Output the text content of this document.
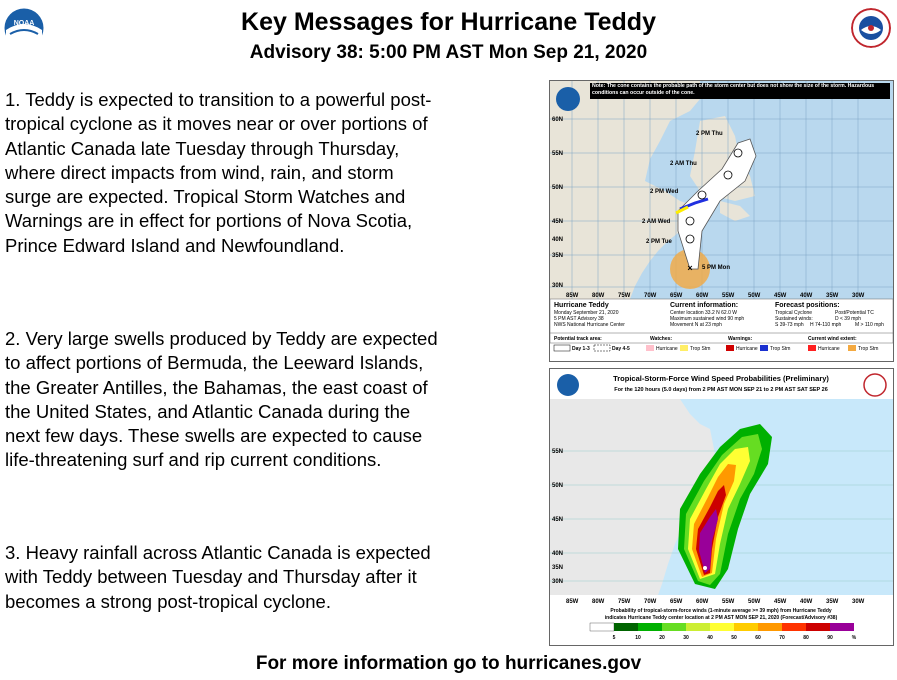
NOAA	Key Messages for Hurricane Teddy
Advisory 38: 5:00 PM AST Mon Sep 21, 2020
1. Teddy is expected to transition to a powerful post-tropical cyclone as it moves near or over portions of Atlantic Canada late Tuesday through Thursday, where direct impacts from wind, rain, and storm surge are expected. Tropical Storm Watches and Warnings are in effect for portions of Nova Scotia, Prince Edward Island and Newfoundland.
2. Very large swells produced by Teddy are expected to affect portions of Bermuda, the Leeward Islands, the Greater Antilles, the Bahamas, the east coast of the United States, and Atlantic Canada during the next few days. These swells are expected to cause life-threatening surf and rip current conditions.
3. Heavy rainfall across Atlantic Canada is expected with Teddy between Tuesday and Thursday after it becomes a strong post-tropical cyclone.
For more information go to hurricanes.gov
Note: The cone contains the probable path of the storm center but does not show the size of the storm. Hazardous conditions can occur outside of the cone.
×
2 PM Thu
2 AM Thu
2 PM Wed
2 AM Wed
2 PM Tue
5 PM Mon
60N
55N
50N
45N
40N
35N
30N
85W 80W 75W 70W 65W 60W 55W 50W 45W 40W 35W 30W
Hurricane Teddy
Monday September 21, 2020
5 PM AST Advisory 38
NWS National Hurricane Center
Current information:
Center location 33.2 N 62.0 W
Maximum sustained wind 90 mph
Movement N at 23 mph
Forecast positions:
Tropical Cyclone	Post/Potential TC
Sustained winds:	D < 39 mph
S 39-73 mph H 74-110 mph	M > 110 mph
Potential track area:
Day 1-3	Day 4-5
Watches:	Warnings:	Current wind extent:
Hurricane Trop Stm	Hurricane Trop Stm	Hurricane	Trop Stm
Tropical-Storm-Force Wind Speed Probabilities (Preliminary)
For the 120 hours (5.0 days) from 2 PM AST MON SEP 21 to 2 PM AST SAT SEP 26
55N
50N
45N
40N
35N
30N
85W 80W 75W 70W 65W 60W 55W 50W 45W 40W 35W 30W
Probability of tropical-storm-force winds (1-minute average >= 39 mph) from Hurricane Teddy
indicates Hurricane Teddy center location at 2 PM AST MON SEP 21, 2020 (Forecast/Advisory #38)
5	10	20	30	40	50	60	70	80	90	%
